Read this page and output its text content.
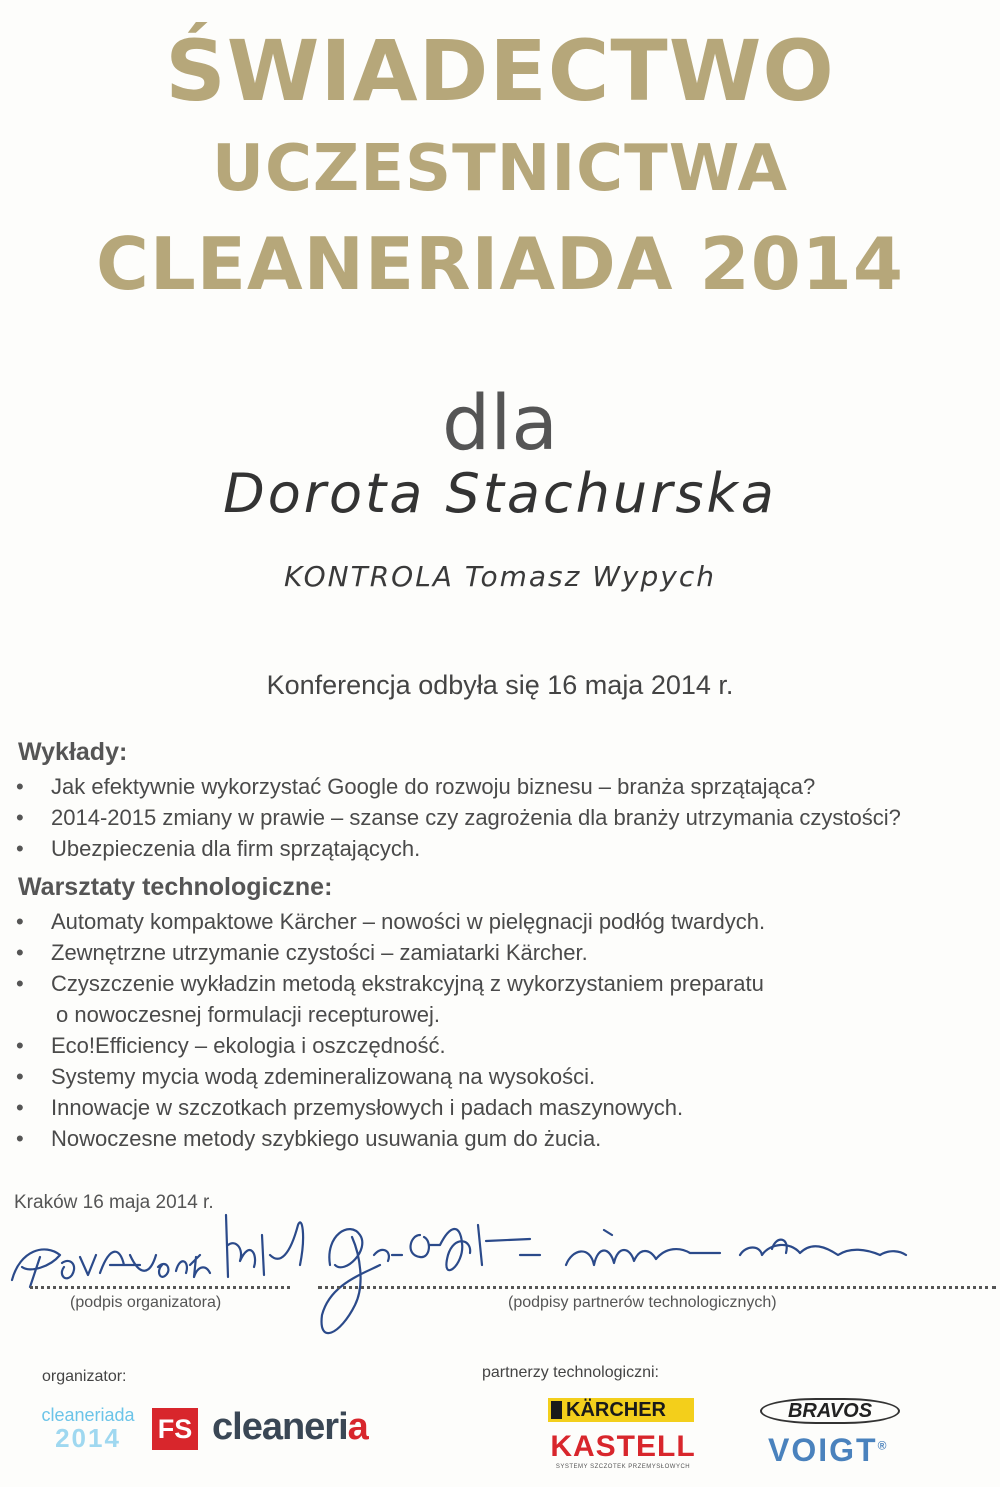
ŚWIADECTWO
UCZESTNICTWA
CLEANERIADA 2014
dla
Dorota Stachurska
KONTROLA Tomasz Wypych
Konferencja odbyła się 16 maja 2014 r.
Wykłady:
• Jak efektywnie wykorzystać Google do rozwoju biznesu – branża sprzątająca?
• 2014-2015 zmiany w prawie – szanse czy zagrożenia dla branży utrzymania czystości?
• Ubezpieczenia dla firm sprzątających.
Warsztaty technologiczne:
• Automaty kompaktowe Kärcher – nowości w pielęgnacji podłóg twardych.
• Zewnętrzne utrzymanie czystości – zamiatarki Kärcher.
• Czyszczenie wykładzin metodą ekstrakcyjną z wykorzystaniem preparatu
o nowoczesnej formulacji recepturowej.
• Eco!Efficiency – ekologia i oszczędność.
• Systemy mycia wodą zdemineralizowaną na wysokości.
• Innowacje w szczotkach przemysłowych i padach maszynowych.
• Nowoczesne metody szybkiego usuwania gum do żucia.
Kraków 16 maja 2014 r.
(podpis organizatora)	(podpisy partnerów technologicznych)
organizator:	partnerzy technologiczni:
cleaneriada
2014	FS cleaneria	KÄRCHER
KASTELL
SYSTEMY SZCZOTEK PRZEMYSŁOWYCH
BRAVOS
VOIGT®
